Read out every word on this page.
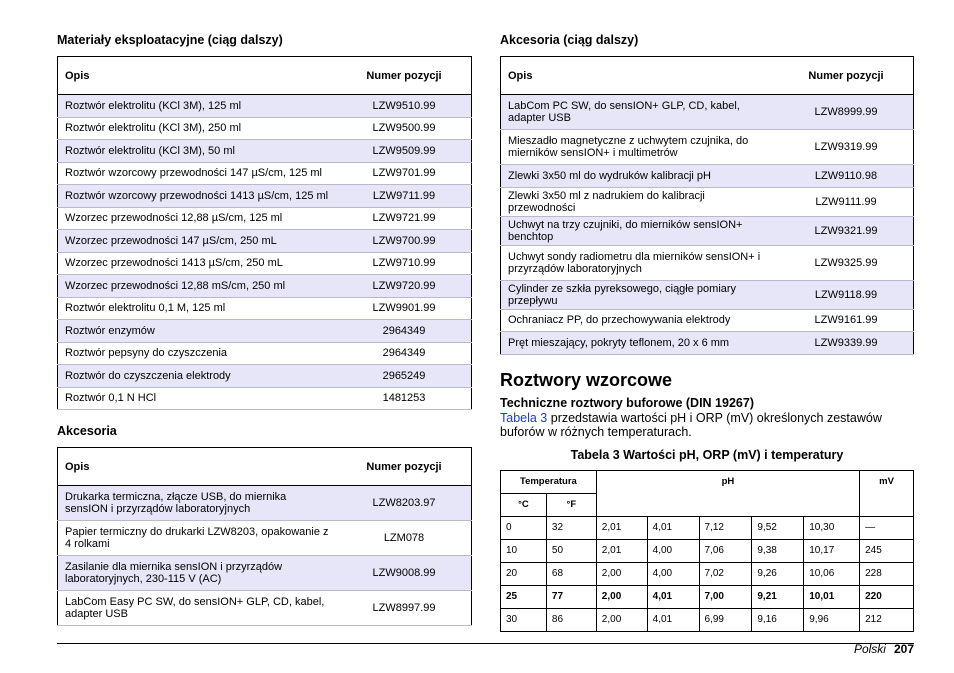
Materiały eksploatacyjne (ciąg dalszy)
Opis	Numer pozycji
Roztwór elektrolitu (KCl 3M), 125 ml	LZW9510.99
Roztwór elektrolitu (KCl 3M), 250 ml	LZW9500.99
Roztwór elektrolitu (KCl 3M), 50 ml	LZW9509.99
Roztwór wzorcowy przewodności 147 µS/cm, 125 ml	LZW9701.99
Roztwór wzorcowy przewodności 1413 µS/cm, 125 ml	LZW9711.99
Wzorzec przewodności 12,88 µS/cm, 125 ml	LZW9721.99
Wzorzec przewodności 147 µS/cm, 250 mL	LZW9700.99
Wzorzec przewodności 1413 µS/cm, 250 mL	LZW9710.99
Wzorzec przewodności 12,88 mS/cm, 250 ml	LZW9720.99
Roztwór elektrolitu 0,1 M, 125 ml	LZW9901.99
Roztwór enzymów	2964349
Roztwór pepsyny do czyszczenia	2964349
Roztwór do czyszczenia elektrody	2965249
Roztwór 0,1 N HCl	1481253
Akcesoria
Opis	Numer pozycji
Drukarka termiczna, złącze USB, do miernika sensION i przyrządów laboratoryjnych	LZW8203.97
Papier termiczny do drukarki LZW8203, opakowanie z 4 rolkami	LZM078
Zasilanie dla miernika sensION i przyrządów laboratoryjnych, 230-115 V (AC)	LZW9008.99
LabCom Easy PC SW, do sensION+ GLP, CD, kabel, adapter USB	LZW8997.99
Akcesoria (ciąg dalszy)
Opis	Numer pozycji
LabCom PC SW, do sensION+ GLP, CD, kabel, adapter USB	LZW8999.99
Mieszadło magnetyczne z uchwytem czujnika, do mierników sensION+ i multimetrów	LZW9319.99
Zlewki 3x50 ml do wydruków kalibracji pH	LZW9110.98
Zlewki 3x50 ml z nadrukiem do kalibracji przewodności	LZW9111.99
Uchwyt na trzy czujniki, do mierników sensION+ benchtop	LZW9321.99
Uchwyt sondy radiometru dla mierników sensION+ i przyrządów laboratoryjnych	LZW9325.99
Cylinder ze szkła pyreksowego, ciągłe pomiary przepływu	LZW9118.99
Ochraniacz PP, do przechowywania elektrody	LZW9161.99
Pręt mieszający, pokryty teflonem, 20 x 6 mm	LZW9339.99
Roztwory wzorcowe

Techniczne roztwory buforowe (DIN 19267)

Tabela 3 przedstawia wartości pH i ORP (mV) określonych zestawów buforów w różnych temperaturach.

Tabela 3 Wartości pH, ORP (mV) i temperatury
Temperatura		pH					mV
°C	°F						
0	32	2,01	4,01	7,12	9,52	10,30	—
10	50	2,01	4,00	7,06	9,38	10,17	245
20	68	2,00	4,00	7,02	9,26	10,06	228
25	77	2,00	4,01	7,00	9,21	10,01	220
30	86	2,00	4,01	6,99	9,16	9,96	212
Polski 207
